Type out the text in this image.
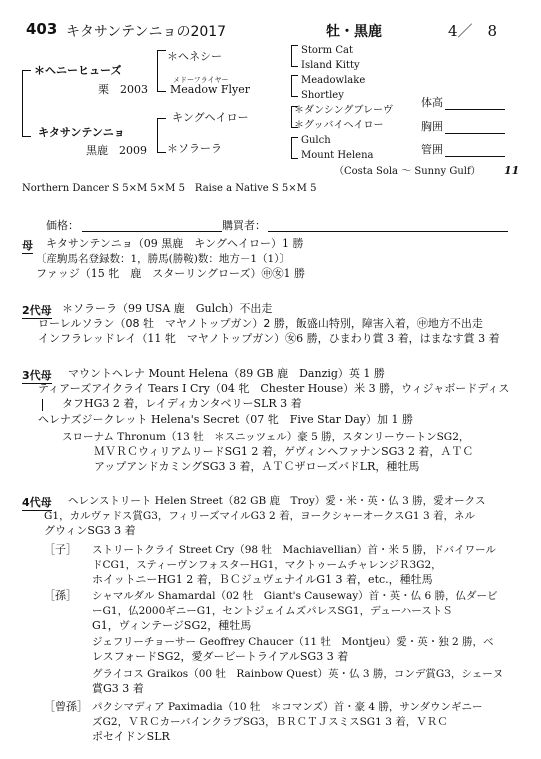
403 キタサンテンニョの2017	牡・黒鹿	4／　8
＊ヘニーヒューズ
栗　2003
キタサンテンニョ
黒鹿　2009
＊ヘネシー
メドーフライヤー
Meadow Flyer
キングヘイロー
＊ソラーラ
Storm Cat
Island Kitty
Meadowlake
Shortley
＊ダンシングブレーヴ
＊グッバイヘイロー
Gulch
Mount Helena
（Costa Sola ～ Sunny Gulf） 11
体高
胸囲
管囲
Northern Dancer S 5×M 5×M 5　Raise a Native S 5×M 5
価格：	購買者：
母 キタサンテンニョ（09 黒鹿　キングヘイロー）1 勝
〔産駒馬名登録数：1，勝馬(勝鞍)数：地方－1（1）〕
ファッジ（15 牝　鹿　スターリングローズ）㊥㊛1 勝
2代母 ＊ソラーラ（99 USA 鹿　Gulch）不出走
ローレルソラン（08 牡　マヤノトップガン）2 勝，飯盛山特別，障害入着，㊥地方不出走
インフラレッドレイ（11 牝　マヤノトップガン）㊛6 勝，ひまわり賞 3 着，はまなす賞 3 着
3代母 マウントヘレナ Mount Helena（89 GB 鹿　Danzig）英 1 勝
ティアーズアイクライ Tears I Cry（04 牝　Chester House）米 3 勝，ウィジャボードディス
タフHG3 2 着，レイディカンタベリーSLR 3 着
ヘレナズジークレット Helena's Secret（07 牝　Five Star Day）加 1 勝
スローナム Thronum（13 牡　＊スニッツェル）豪 5 勝，スタンリーウートンSG2，
ＭＶＲＣウィリアムリードSG1 2 着，ゲヴィンヘファナンSG3 2 着，ＡＴＣ
アップアンドカミングSG3 3 着，ＡＴＣザローズバドLR，種牡馬
4代母 ヘレンストリート Helen Street（82 GB 鹿　Troy）愛・米・英・仏 3 勝，愛オークス
G1，カルヴァドス賞G3，フィリーズマイルG3 2 着，ヨークシャーオークスG1 3 着，ネル
グウィンSG3 3 着
［子］ ストリートクライ Street Cry（98 牡　Machiavellian）首・米 5 勝，ドバイワール
ドCG1，スティーヴンフォスターHG1，マクトゥームチャレンジＲ3G2，
ホイットニーHG1 2 着，ＢＣジュヴェナイルG1 3 着，etc.，種牡馬
［孫］ シャマルダル Shamardal（02 牡　Giant's Causeway）首・英・仏 6 勝，仏ダービ
ーG1，仏2000ギニーG1，セントジェイムズパレスSG1，デューハーストＳ
G1，ヴィンテージSG2，種牡馬
ジェフリーチョーサー Geoffrey Chaucer（11 牡　Montjeu）愛・英・独 2 勝，ベ
レスフォードSG2，愛ダービートライアルSG3 3 着
グライコス Graikos（00 牡　Rainbow Quest）英・仏 3 勝，コンデ賞G3，シェーヌ
賞G3 3 着
［曾孫］ パクシマディア Paximadia（10 牡　＊コマンズ）首・豪 4 勝，サンダウンギニー
ズG2，ＶＲＣカーバインクラブSG3，ＢＲＣＴＪスミスSG1 3 着，ＶＲＣ
ポセイドンSLR
